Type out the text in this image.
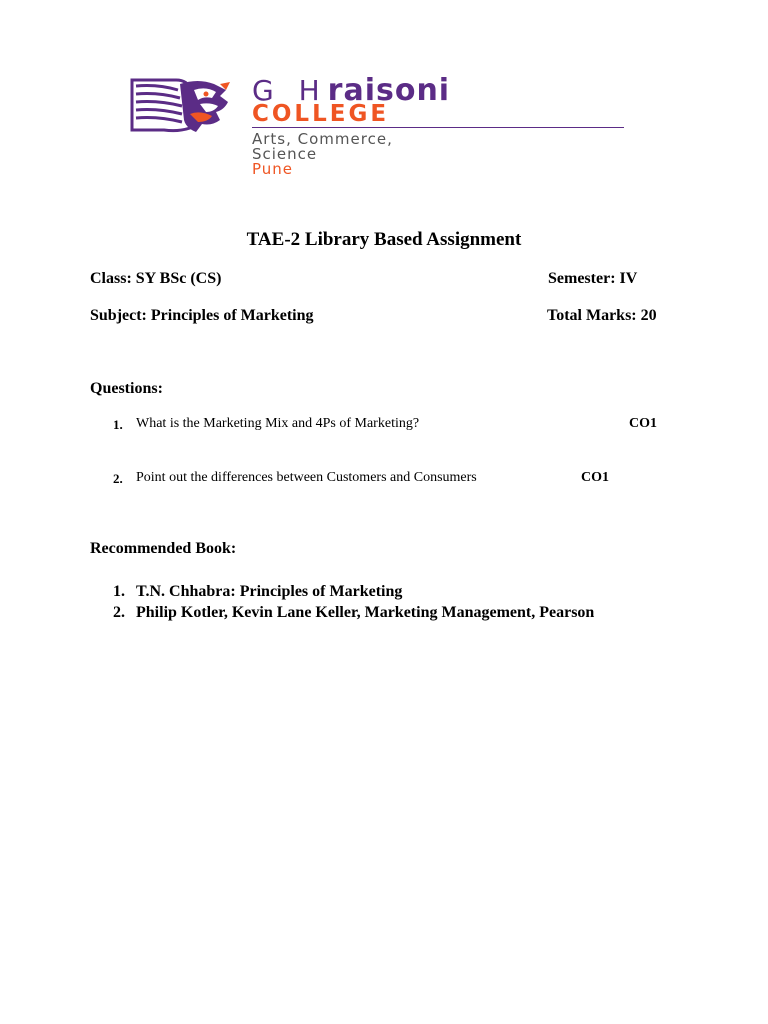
G Hraisoni
COLLEGE
Arts, Commerce,
Science
Pune
TAE-2 Library Based Assignment
Class: SY BSc (CS)	Semester: IV
Subject: Principles of Marketing	Total Marks: 20
Questions:
1. What is the Marketing Mix and 4Ps of Marketing?	CO1
2. Point out the differences between Customers and Consumers	CO1
Recommended Book:
1. T.N. Chhabra: Principles of Marketing
2. Philip Kotler, Kevin Lane Keller, Marketing Management, Pearson
